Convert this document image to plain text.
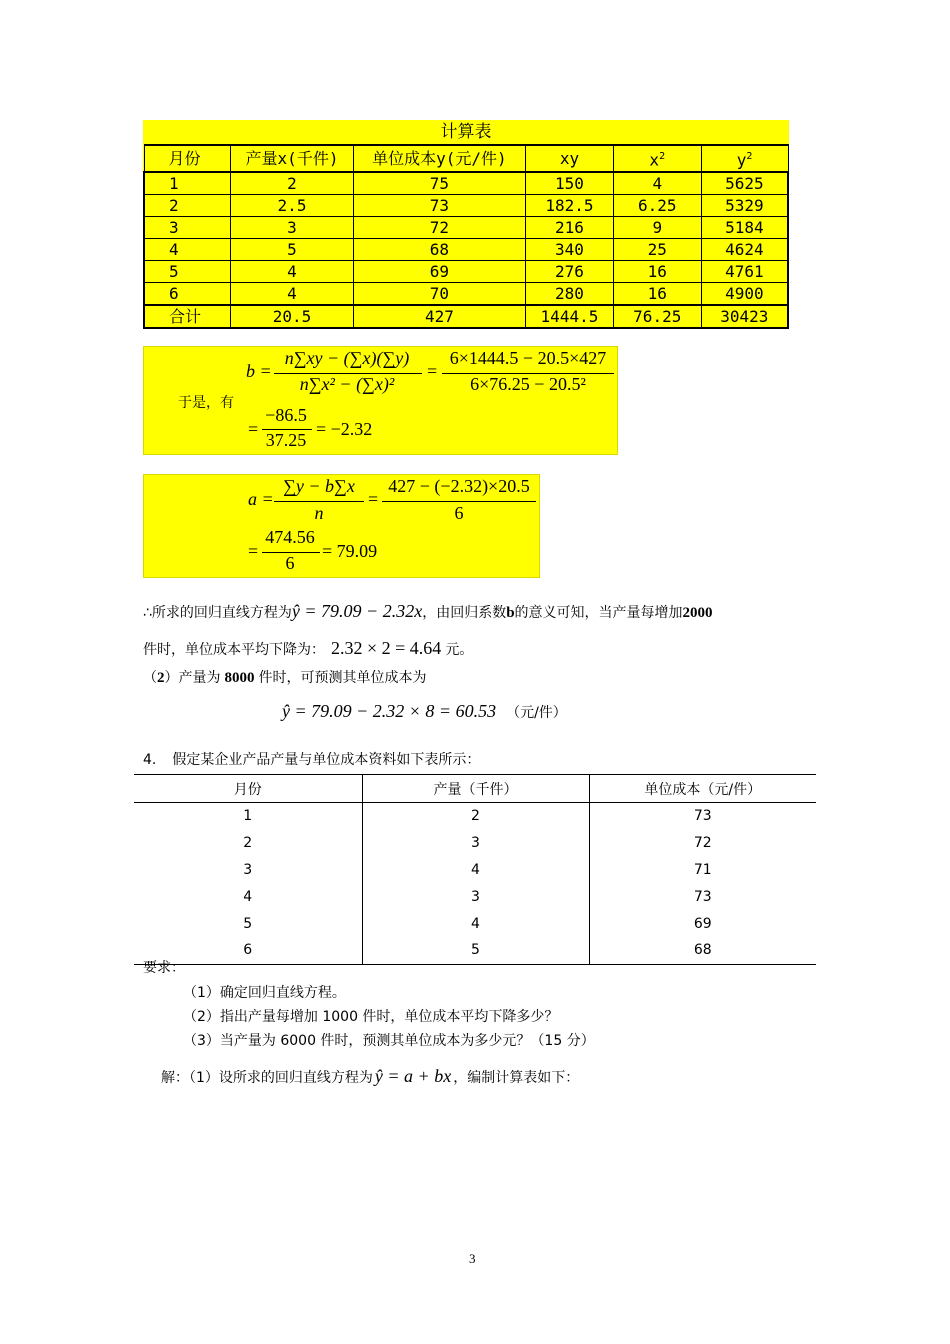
计算表
月份	产量x(千件)	单位成本y(元/件)	xy	$x^2$	$y^2$
1	2	75	150	4	5625
2	2.5	73	182.5	6.25	5329
3	3	72	216	9	5184
4	5	68	340	25	4624
5	4	69	276	16	4761
6	4	70	280	16	4900
合计	20.5	427	1444.5	76.25	30423
于是，有
b =
n∑xy − (∑x)(∑y)
n∑x² − (∑x)²
=
6×1444.5 − 20.5×427
6×76.25 − 20.5²
=
−86.5
37.25
= −2.32
a =
∑y − b∑x
n
=
427 − (−2.32)×20.5
6
=
474.56
6
= 79.09
∴所求的回归直线方程为ŷ = 79.09 − 2.32x，由回归系数b的意义可知，当产量每增加2000
件时，单位成本平均下降为： 2.32 × 2 = 4.64 元。
（2）产量为 8000 件时，可预测其单位成本为
ŷ = 79.09 − 2.32 × 8 = 60.53 （元/件）
4. 假定某企业产品产量与单位成本资料如下表所示：
月份	产量（千件）	单位成本（元/件）
1	2	73
2	3	72
3	4	71
4	3	73
5	4	69
6	5	68
要求：
（1）确定回归直线方程。
（2）指出产量每增加 1000 件时，单位成本平均下降多少？
（3）当产量为 6000 件时，预测其单位成本为多少元？（15 分）
解：（1）设所求的回归直线方程为 ŷ = a + bx ，编制计算表如下：
3
